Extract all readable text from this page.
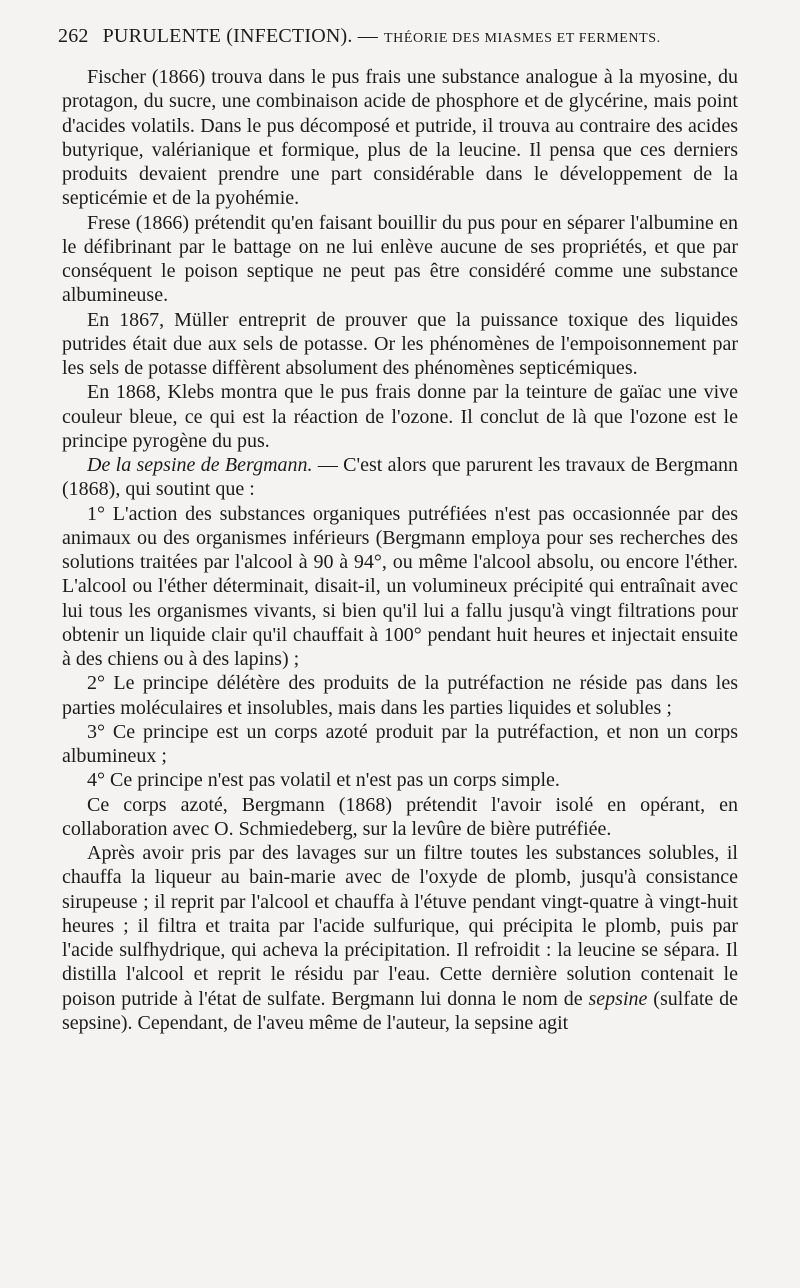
262 PURULENTE
(INFECTION).
— THÉORIE DES MIASMES ET FERMENTS.

Fischer (1866) trouva dans le pus frais une substance analogue à la myosine, du protagon, du sucre, une combinaison acide de phosphore et de glycérine, mais point d'acides volatils. Dans le pus décomposé et putride, il trouva au contraire des acides butyrique, valérianique et formique, plus de la leucine. Il pensa que ces derniers produits devaient prendre une part considérable dans le développement de la septicémie et de la pyohémie.

Frese (1866) prétendit qu'en faisant bouillir du pus pour en séparer l'albumine en le défibrinant par le battage on ne lui enlève aucune de ses propriétés, et que par conséquent le poison septique ne peut pas être considéré comme une substance albumineuse.

En 1867, Müller entreprit de prouver que la puissance toxique des liquides putrides était due aux sels de potasse. Or les phénomènes de l'empoisonnement par les sels de potasse diffèrent absolument des phénomènes septicémiques.

En 1868, Klebs montra que le pus frais donne par la teinture de gaïac une vive couleur bleue, ce qui est la réaction de l'ozone. Il conclut de là que l'ozone est le principe pyrogène du pus.

De la sepsine de Bergmann. — C'est alors que parurent les travaux de Bergmann (1868), qui soutint que :

1° L'action des substances organiques putréfiées n'est pas occasionnée par des animaux ou des organismes inférieurs (Bergmann employa pour ses recherches des solutions traitées par l'alcool à 90 à 94°, ou même l'alcool absolu, ou encore l'éther. L'alcool ou l'éther déterminait, disait-il, un volumineux précipité qui entraînait avec lui tous les organismes vivants, si bien qu'il lui a fallu jusqu'à vingt filtrations pour obtenir un liquide clair qu'il chauffait à 100° pendant huit heures et injectait ensuite à des chiens ou à des lapins) ;

2° Le principe délétère des produits de la putréfaction ne réside pas dans les parties moléculaires et insolubles, mais dans les parties liquides et solubles ;

3° Ce principe est un corps azoté produit par la putréfaction, et non un corps albumineux ;

4° Ce principe n'est pas volatil et n'est pas un corps simple.

Ce corps azoté, Bergmann (1868) prétendit l'avoir isolé en opérant, en collaboration avec O. Schmiedeberg, sur la levûre de bière putréfiée.

Après avoir pris par des lavages sur un filtre toutes les substances solubles, il chauffa la liqueur au bain-marie avec de l'oxyde de plomb, jusqu'à consistance sirupeuse ; il reprit par l'alcool et chauffa à l'étuve pendant vingt-quatre à vingt-huit heures ; il filtra et traita par l'acide sulfurique, qui précipita le plomb, puis par l'acide sulfhydrique, qui acheva la précipitation. Il refroidit : la leucine se sépara. Il distilla l'alcool et reprit le résidu par l'eau. Cette dernière solution contenait le poison putride à l'état de sulfate. Bergmann lui donna le nom de sepsine (sulfate de sepsine). Cependant, de l'aveu même de l'auteur, la sepsine agit
